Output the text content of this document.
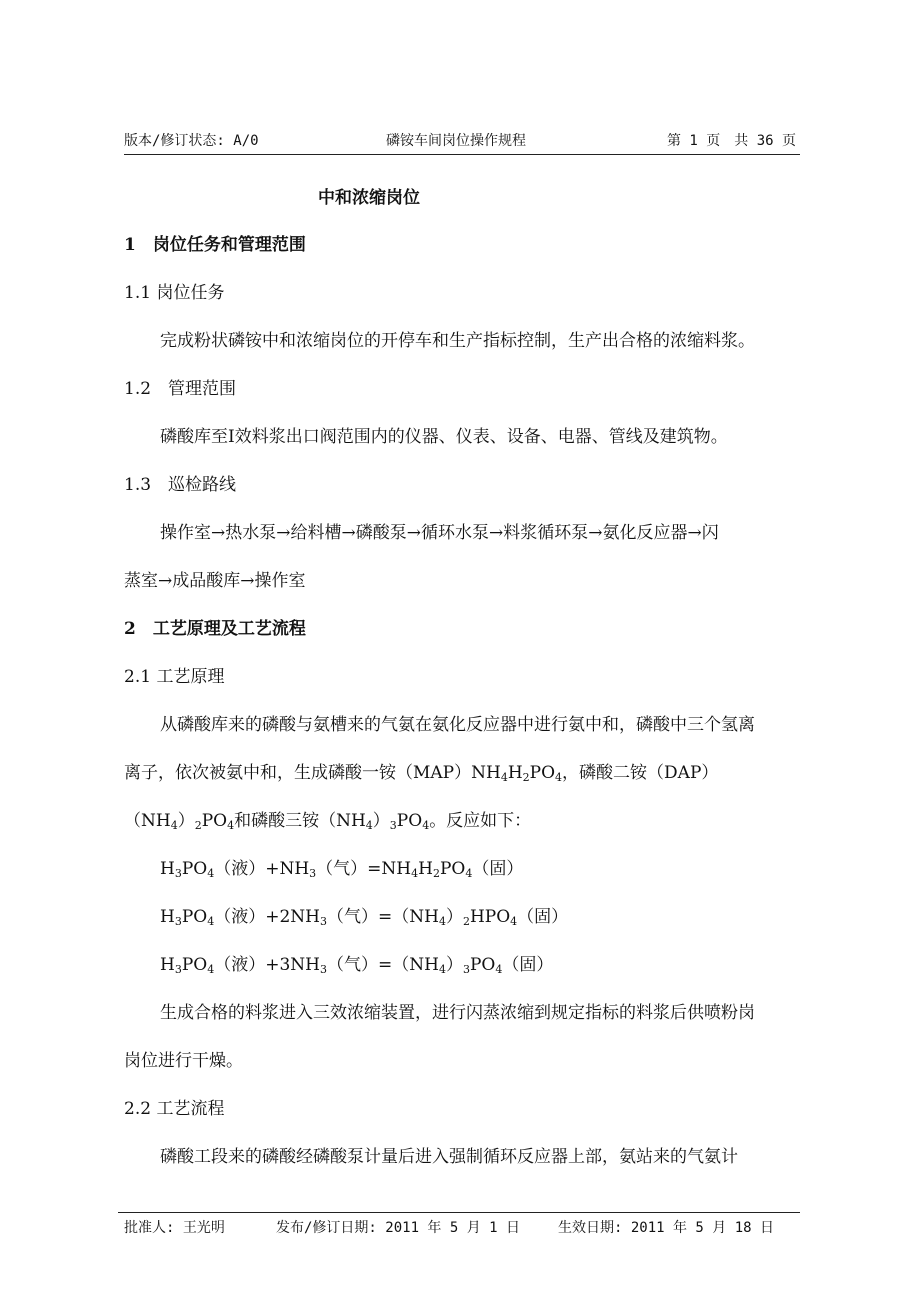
版本/修订状态: A/0	磷铵车间岗位操作规程	第 1 页　共 36 页
中和浓缩岗位
1　岗位任务和管理范围
1.1 岗位任务
完成粉状磷铵中和浓缩岗位的开停车和生产指标控制，生产出合格的浓缩料浆。
1.2　管理范围
磷酸库至Ⅰ效料浆出口阀范围内的仪器、仪表、设备、电器、管线及建筑物。
1.3　巡检路线
操作室→热水泵→给料槽→磷酸泵→循环水泵→料浆循环泵→氨化反应器→闪
蒸室→成品酸库→操作室
2　工艺原理及工艺流程
2.1 工艺原理
从磷酸库来的磷酸与氨槽来的气氨在氨化反应器中进行氨中和，磷酸中三个氢离
离子，依次被氨中和，生成磷酸一铵$(MAP)NH_4H_2PO_4$，磷酸二铵（DAP）
$(NH_4)_2PO_4$和磷酸三铵$(NH_4)_3PO_4$。反应如下：
$H_3PO_4$（液）$+NH_3$（气）$=NH_4H_2PO_4$（固）
$H_3PO_4$（液）$+2NH_3$（气）$=(NH_4)_2HPO_4$（固）
$H_3PO_4$（液）$+3NH_3$（气）$=(NH_4)_3PO_4$（固）
生成合格的料浆进入三效浓缩装置，进行闪蒸浓缩到规定指标的料浆后供喷粉岗
岗位进行干燥。
2.2 工艺流程
磷酸工段来的磷酸经磷酸泵计量后进入强制循环反应器上部，氨站来的气氨计
批准人: 王光明	发布/修订日期: 2011 年 5 月 1 日	生效日期: 2011 年 5 月 18 日
